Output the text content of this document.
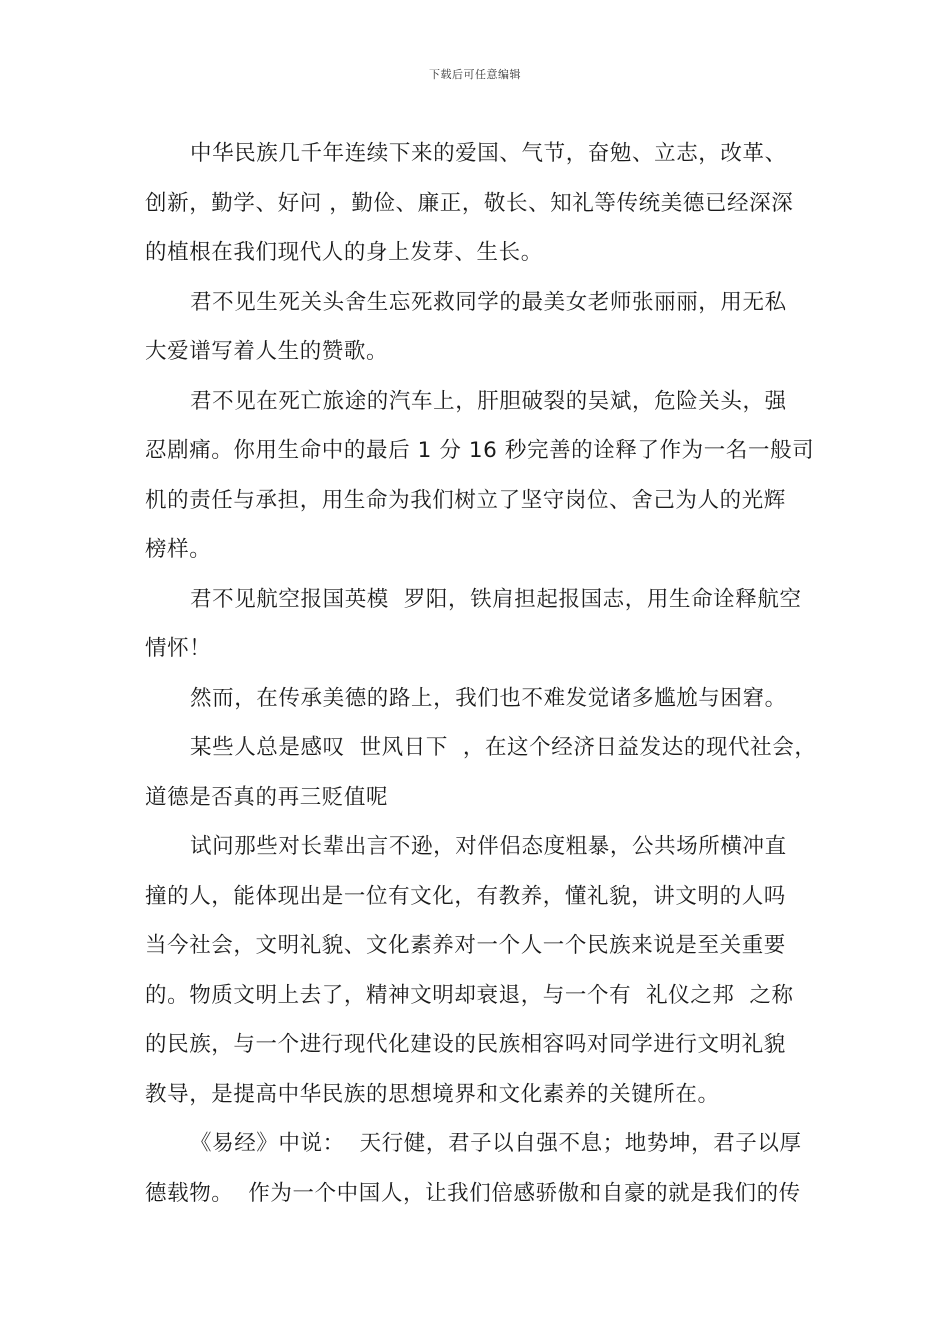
下载后可任意编辑

中华民族几千年连续下来的爱国、气节，奋勉、立志，改革、
创新，勤学、好问 ，勤俭、廉正，敬长、知礼等传统美德已经深深
的植根在我们现代人的身上发芽、生长。

君不见生死关头舍生忘死救同学的最美女老师张丽丽，用无私
大爱谱写着人生的赞歌。

君不见在死亡旅途的汽车上，肝胆破裂的吴斌，危险关头，强
忍剧痛。你用生命中的最后 1 分 16 秒完善的诠释了作为一名一般司
机的责任与承担，用生命为我们树立了坚守岗位、舍己为人的光辉
榜样。

君不见航空报国英模  罗阳，铁肩担起报国志，用生命诠释航空
情怀！

然而，在传承美德的路上，我们也不难发觉诸多尴尬与困窘。

某些人总是感叹  世风日下  ，在这个经济日益发达的现代社会，
道德是否真的再三贬值呢

试问那些对长辈出言不逊，对伴侣态度粗暴，公共场所横冲直
撞的人，能体现出是一位有文化，有教养，懂礼貌，讲文明的人吗
当今社会，文明礼貌、文化素养对一个人一个民族来说是至关重要
的。物质文明上去了，精神文明却衰退，与一个有  礼仪之邦  之称
的民族，与一个进行现代化建设的民族相容吗对同学进行文明礼貌
教导，是提高中华民族的思想境界和文化素养的关键所在。

《易经》中说：  天行健，君子以自强不息；地势坤，君子以厚
德载物。  作为一个中国人，让我们倍感骄傲和自豪的就是我们的传
